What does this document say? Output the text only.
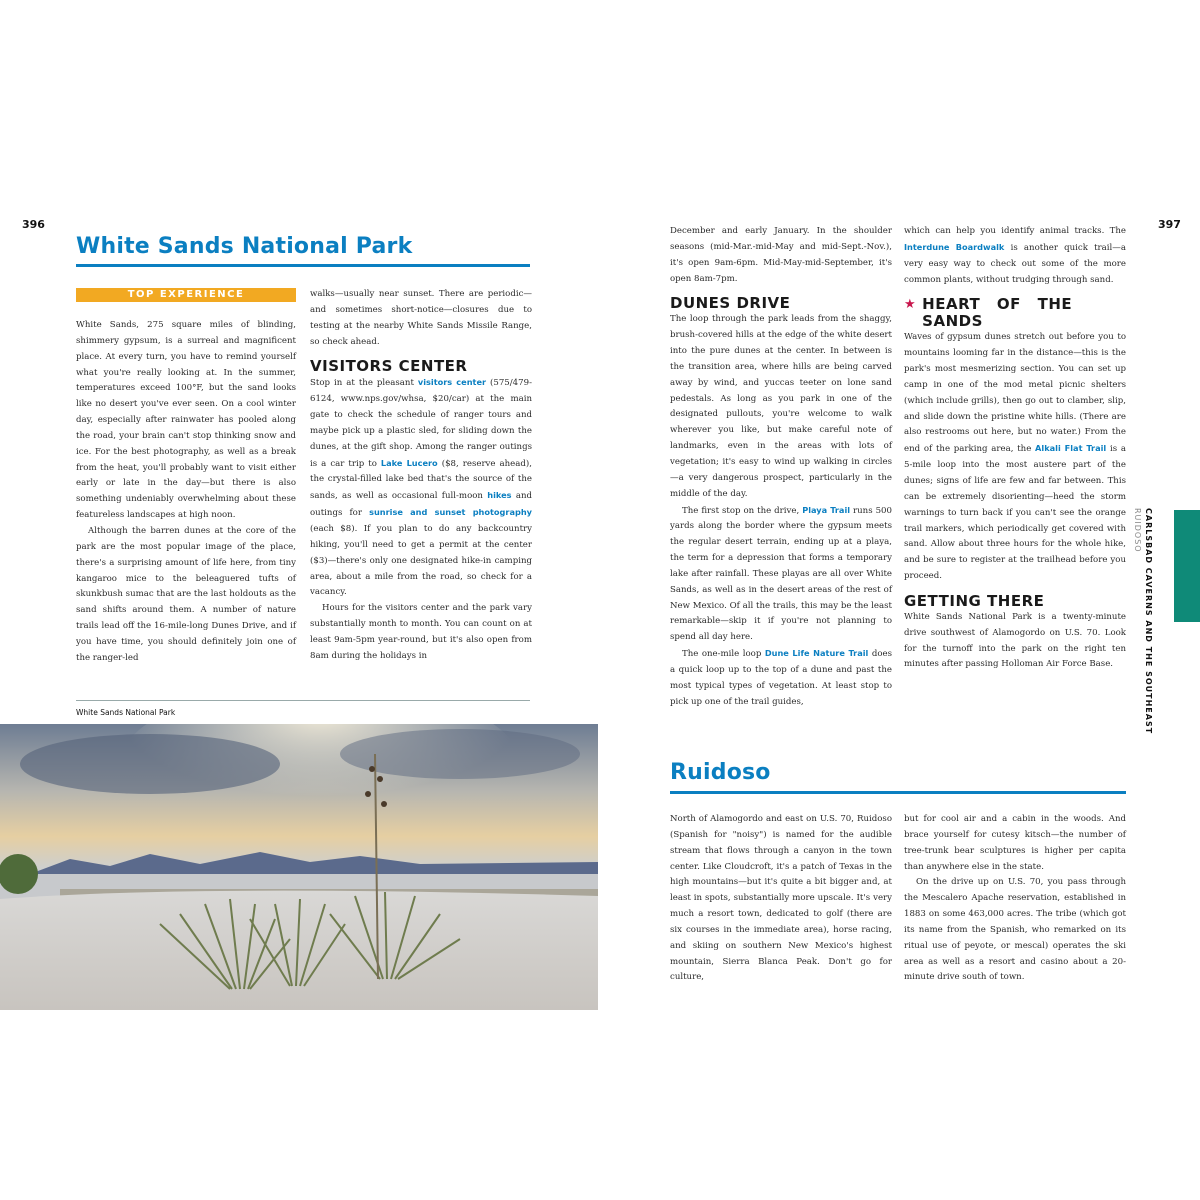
396	397
White Sands National Park
TOP EXPERIENCE

White Sands, 275 square miles of blinding, shimmery gypsum, is a surreal and magnificent place. At every turn, you have to remind yourself what you're really looking at. In the summer, temperatures exceed 100°F, but the sand looks like no desert you've ever seen. On a cool winter day, especially after rainwater has pooled along the road, your brain can't stop thinking snow and ice. For the best photography, as well as a break from the heat, you'll probably want to visit either early or late in the day—but there is also something undeniably overwhelming about these featureless landscapes at high noon.

Although the barren dunes at the core of the park are the most popular image of the place, there's a surprising amount of life here, from tiny kangaroo mice to the beleaguered tufts of skunkbush sumac that are the last holdouts as the sand shifts around them. A number of nature trails lead off the 16-mile-long Dunes Drive, and if you have time, you should definitely join one of the ranger-led

walks—usually near sunset. There are periodic—and sometimes short-notice—closures due to testing at the nearby White Sands Missile Range, so check ahead.

VISITORS CENTER

Stop in at the pleasant visitors center (575/479-6124, www.nps.gov/whsa, $20/car) at the main gate to check the schedule of ranger tours and maybe pick up a plastic sled, for sliding down the dunes, at the gift shop. Among the ranger outings is a car trip to Lake Lucero ($8, reserve ahead), the crystal-filled lake bed that's the source of the sands, as well as occasional full-moon hikes and outings for sunrise and sunset photography (each $8). If you plan to do any backcountry hiking, you'll need to get a permit at the center ($3)—there's only one designated hike-in camping area, about a mile from the road, so check for a vacancy.

Hours for the visitors center and the park vary substantially month to month. You can count on at least 9am-5pm year-round, but it's also open from 8am during the holidays in

White Sands National Park

December and early January. In the shoulder seasons (mid-Mar.-mid-May and mid-Sept.-Nov.), it's open 9am-6pm. Mid-May-mid-September, it's open 8am-7pm.

DUNES DRIVE

The loop through the park leads from the shaggy, brush-covered hills at the edge of the white desert into the pure dunes at the center. In between is the transition area, where hills are being carved away by wind, and yuccas teeter on lone sand pedestals. As long as you park in one of the designated pullouts, you're welcome to walk wherever you like, but make careful note of landmarks, even in the areas with lots of vegetation; it's easy to wind up walking in circles—a very dangerous prospect, particularly in the middle of the day.

The first stop on the drive, Playa Trail runs 500 yards along the border where the gypsum meets the regular desert terrain, ending up at a playa, the term for a depression that forms a temporary lake after rainfall. These playas are all over White Sands, as well as in the desert areas of the rest of New Mexico. Of all the trails, this may be the least remarkable—skip it if you're not planning to spend all day here.

The one-mile loop Dune Life Nature Trail does a quick loop up to the top of a dune and past the most typical types of vegetation. At least stop to pick up one of the trail guides,

which can help you identify animal tracks. The Interdune Boardwalk is another quick trail—a very easy way to check out some of the more common plants, without trudging through sand.

★ HEART OF THE SANDS

Waves of gypsum dunes stretch out before you to mountains looming far in the distance—this is the park's most mesmerizing section. You can set up camp in one of the mod metal picnic shelters (which include grills), then go out to clamber, slip, and slide down the pristine white hills. (There are also restrooms out here, but no water.) From the end of the parking area, the Alkali Flat Trail is a 5-mile loop into the most austere part of the dunes; signs of life are few and far between. This can be extremely disorienting—heed the storm warnings to turn back if you can't see the orange trail markers, which periodically get covered with sand. Allow about three hours for the whole hike, and be sure to register at the trailhead before you proceed.

GETTING THERE

White Sands National Park is a twenty-minute drive southwest of Alamogordo on U.S. 70. Look for the turnoff into the park on the right ten minutes after passing Holloman Air Force Base.	CARLSBAD CAVERNS AND THE SOUTHEAST
RUIDOSO
Ruidoso

North of Alamogordo and east on U.S. 70, Ruidoso (Spanish for "noisy") is named for the audible stream that flows through a canyon in the town center. Like Cloudcroft, it's a patch of Texas in the high mountains—but it's quite a bit bigger and, at least in spots, substantially more upscale. It's very much a resort town, dedicated to golf (there are six courses in the immediate area), horse racing, and skiing on southern New Mexico's highest mountain, Sierra Blanca Peak. Don't go for culture,

but for cool air and a cabin in the woods. And brace yourself for cutesy kitsch—the number of tree-trunk bear sculptures is higher per capita than anywhere else in the state.

On the drive up on U.S. 70, you pass through the Mescalero Apache reservation, established in 1883 on some 463,000 acres. The tribe (which got its name from the Spanish, who remarked on its ritual use of peyote, or mescal) operates the ski area as well as a resort and casino about a 20-minute drive south of town.
